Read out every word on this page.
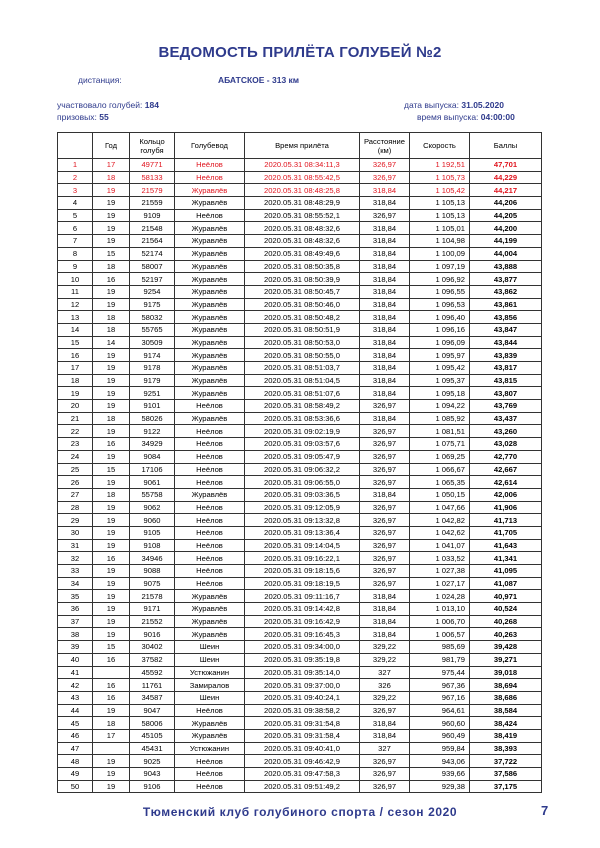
ВЕДОМОСТЬ ПРИЛЁТА ГОЛУБЕЙ №2
дистанция:	АБАТСКОЕ - 313 км
участвовало голубей: 184
призовых: 55
дата выпуска: 31.05.2020
время выпуска: 04:00:00
	Год	Кольцо голубя	Голубевод	Время прилёта	Расстояние (км)	Скорость	Баллы
1	17	49771	Неёлов	2020.05.31 08:34:11,3	326,97	1 192,51	47,701
2	18	58133	Неёлов	2020.05.31 08:55:42,5	326,97	1 105,73	44,229
3	19	21579	Журавлёв	2020.05.31 08:48:25,8	318,84	1 105,42	44,217
4	19	21559	Журавлёв	2020.05.31 08:48:29,9	318,84	1 105,13	44,206
5	19	9109	Неёлов	2020.05.31 08:55:52,1	326,97	1 105,13	44,205
6	19	21548	Журавлёв	2020.05.31 08:48:32,6	318,84	1 105,01	44,200
7	19	21564	Журавлёв	2020.05.31 08:48:32,6	318,84	1 104,98	44,199
8	15	52174	Журавлёв	2020.05.31 08:49:49,6	318,84	1 100,09	44,004
9	18	58007	Журавлёв	2020.05.31 08:50:35,8	318,84	1 097,19	43,888
10	16	52197	Журавлёв	2020.05.31 08:50:39,9	318,84	1 096,92	43,877
11	19	9254	Журавлёв	2020.05.31 08:50:45,7	318,84	1 096,55	43,862
12	19	9175	Журавлёв	2020.05.31 08:50:46,0	318,84	1 096,53	43,861
13	18	58032	Журавлёв	2020.05.31 08:50:48,2	318,84	1 096,40	43,856
14	18	55765	Журавлёв	2020.05.31 08:50:51,9	318,84	1 096,16	43,847
15	14	30509	Журавлёв	2020.05.31 08:50:53,0	318,84	1 096,09	43,844
16	19	9174	Журавлёв	2020.05.31 08:50:55,0	318,84	1 095,97	43,839
17	19	9178	Журавлёв	2020.05.31 08:51:03,7	318,84	1 095,42	43,817
18	19	9179	Журавлёв	2020.05.31 08:51:04,5	318,84	1 095,37	43,815
19	19	9251	Журавлёв	2020.05.31 08:51:07,6	318,84	1 095,18	43,807
20	19	9101	Неёлов	2020.05.31 08:58:49,2	326,97	1 094,22	43,769
21	18	58026	Журавлёв	2020.05.31 08:53:36,6	318,84	1 085,92	43,437
22	19	9122	Неёлов	2020.05.31 09:02:19,9	326,97	1 081,51	43,260
23	16	34929	Неёлов	2020.05.31 09:03:57,6	326,97	1 075,71	43,028
24	19	9084	Неёлов	2020.05.31 09:05:47,9	326,97	1 069,25	42,770
25	15	17106	Неёлов	2020.05.31 09:06:32,2	326,97	1 066,67	42,667
26	19	9061	Неёлов	2020.05.31 09:06:55,0	326,97	1 065,35	42,614
27	18	55758	Журавлёв	2020.05.31 09:03:36,5	318,84	1 050,15	42,006
28	19	9062	Неёлов	2020.05.31 09:12:05,9	326,97	1 047,66	41,906
29	19	9060	Неёлов	2020.05.31 09:13:32,8	326,97	1 042,82	41,713
30	19	9105	Неёлов	2020.05.31 09:13:36,4	326,97	1 042,62	41,705
31	19	9108	Неёлов	2020.05.31 09:14:04,5	326,97	1 041,07	41,643
32	16	34946	Неёлов	2020.05.31 09:16:22,1	326,97	1 033,52	41,341
33	19	9088	Неёлов	2020.05.31 09:18:15,6	326,97	1 027,38	41,095
34	19	9075	Неёлов	2020.05.31 09:18:19,5	326,97	1 027,17	41,087
35	19	21578	Журавлёв	2020.05.31 09:11:16,7	318,84	1 024,28	40,971
36	19	9171	Журавлёв	2020.05.31 09:14:42,8	318,84	1 013,10	40,524
37	19	21552	Журавлёв	2020.05.31 09:16:42,9	318,84	1 006,70	40,268
38	19	9016	Журавлёв	2020.05.31 09:16:45,3	318,84	1 006,57	40,263
39	15	30402	Шеин	2020.05.31 09:34:00,0	329,22	985,69	39,428
40	16	37582	Шеин	2020.05.31 09:35:19,8	329,22	981,79	39,271
41		45592	Устюжанин	2020.05.31 09:35:14,0	327	975,44	39,018
42	16	11761	Замиралов	2020.05.31 09:37:00,0	326	967,36	38,694
43	16	34587	Шеин	2020.05.31 09:40:24,1	329,22	967,16	38,686
44	19	9047	Неёлов	2020.05.31 09:38:58,2	326,97	964,61	38,584
45	18	58006	Журавлёв	2020.05.31 09:31:54,8	318,84	960,60	38,424
46	17	45105	Журавлёв	2020.05.31 09:31:58,4	318,84	960,49	38,419
47		45431	Устюжанин	2020.05.31 09:40:41,0	327	959,84	38,393
48	19	9025	Неёлов	2020.05.31 09:46:42,9	326,97	943,06	37,722
49	19	9043	Неёлов	2020.05.31 09:47:58,3	326,97	939,66	37,586
50	19	9106	Неёлов	2020.05.31 09:51:49,2	326,97	929,38	37,175
Тюменский клуб голубиного спорта / сезон 2020	7
